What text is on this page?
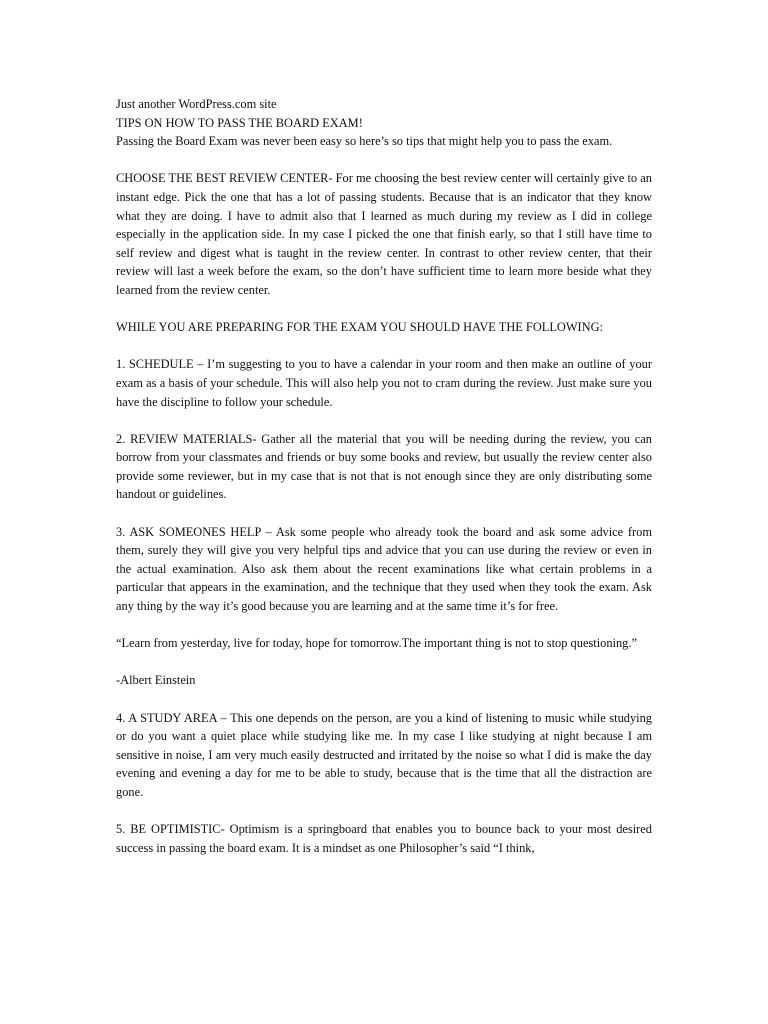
Just another WordPress.com site

TIPS ON HOW TO PASS THE BOARD EXAM!

Passing the Board Exam was never been easy so here’s so tips that might help you to pass the exam.

CHOOSE THE BEST REVIEW CENTER- For me choosing the best review center will certainly give to an instant edge. Pick the one that has a lot of passing students. Because that is an indicator that they know what they are doing. I have to admit also that I learned as much during my review as I did in college especially in the application side. In my case I picked the one that finish early, so that I still have time to self review and digest what is taught in the review center. In contrast to other review center, that their review will last a week before the exam, so the don’t have sufficient time to learn more beside what they learned from the review center.

WHILE YOU ARE PREPARING FOR THE EXAM YOU SHOULD HAVE THE FOLLOWING:

1. SCHEDULE – I’m suggesting to you to have a calendar in your room and then make an outline of your exam as a basis of your schedule. This will also help you not to cram during the review. Just make sure you have the discipline to follow your schedule.

2. REVIEW MATERIALS- Gather all the material that you will be needing during the review, you can borrow from your classmates and friends or buy some books and review, but usually the review center also provide some reviewer, but in my case that is not that is not enough since they are only distributing some handout or guidelines.

3. ASK SOMEONES HELP – Ask some people who already took the board and ask some advice from them, surely they will give you very helpful tips and advice that you can use during the review or even in the actual examination. Also ask them about the recent examinations like what certain problems in a particular that appears in the examination, and the technique that they used when they took the exam. Ask any thing by the way it’s good because you are learning and at the same time it’s for free.

“Learn from yesterday, live for today, hope for tomorrow.The important thing is not to stop questioning.”

-Albert Einstein

4. A STUDY AREA – This one depends on the person, are you a kind of listening to music while studying or do you want a quiet place while studying like me. In my case I like studying at night because I am sensitive in noise, I am very much easily destructed and irritated by the noise so what I did is make the day evening and evening a day for me to be able to study, because that is the time that all the distraction are gone.

5. BE OPTIMISTIC- Optimism is a springboard that enables you to bounce back to your most desired success in passing the board exam. It is a mindset as one Philosopher’s said “I think,
